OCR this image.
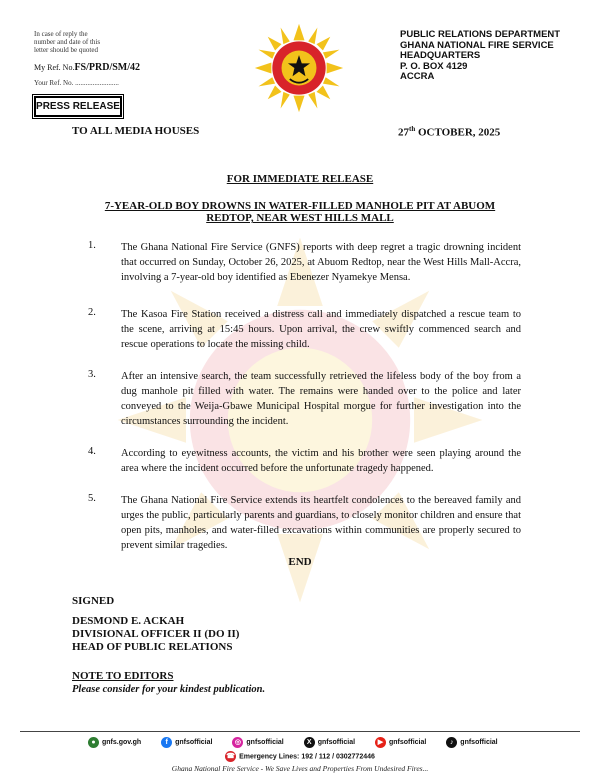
In case of reply the
number and date of this
letter should be quoted
My Ref. No.FS/PRD/SM/42
Your Ref. No. .........................
PRESS RELEASE
PUBLIC RELATIONS DEPARTMENT
GHANA NATIONAL FIRE SERVICE
HEADQUARTERS
P. O. BOX 4129
ACCRA
TO ALL MEDIA HOUSES	27th OCTOBER, 2025
FOR IMMEDIATE RELEASE
7-YEAR-OLD BOY DROWNS IN WATER-FILLED MANHOLE PIT AT ABUOM
REDTOP, NEAR WEST HILLS MALL
1. The Ghana National Fire Service (GNFS) reports with deep regret a tragic drowning incident that occurred on Sunday, October 26, 2025, at Abuom Redtop, near the West Hills Mall-Accra, involving a 7-year-old boy identified as Ebenezer Nyamekye Mensa.

2. The Kasoa Fire Station received a distress call and immediately dispatched a rescue team to the scene, arriving at 15:45 hours. Upon arrival, the crew swiftly commenced search and rescue operations to locate the missing child.

3. After an intensive search, the team successfully retrieved the lifeless body of the boy from a dug manhole pit filled with water. The remains were handed over to the police and later conveyed to the Weija-Gbawe Municipal Hospital morgue for further investigation into the circumstances surrounding the incident.

4. According to eyewitness accounts, the victim and his brother were seen playing around the area where the incident occurred before the unfortunate tragedy happened.

5. The Ghana National Fire Service extends its heartfelt condolences to the bereaved family and urges the public, particularly parents and guardians, to closely monitor children and ensure that open pits, manholes, and water-filled excavations within communities are properly secured to prevent similar tragedies.

END
SIGNED
DESMOND E. ACKAH
DIVISIONAL OFFICER II (DO II)
HEAD OF PUBLIC RELATIONS
NOTE TO EDITORS
Please consider for your kindest publication.
● gnfs.gov.gh	f gnfsofficial	◎ gnfsofficial	X gnfsofficial	▶ gnfsofficial	♪ gnfsofficial
☎ Emergency Lines: 192 / 112 / 0302772446
Ghana National Fire Service - We Save Lives and Properties From Undesired Fires...
